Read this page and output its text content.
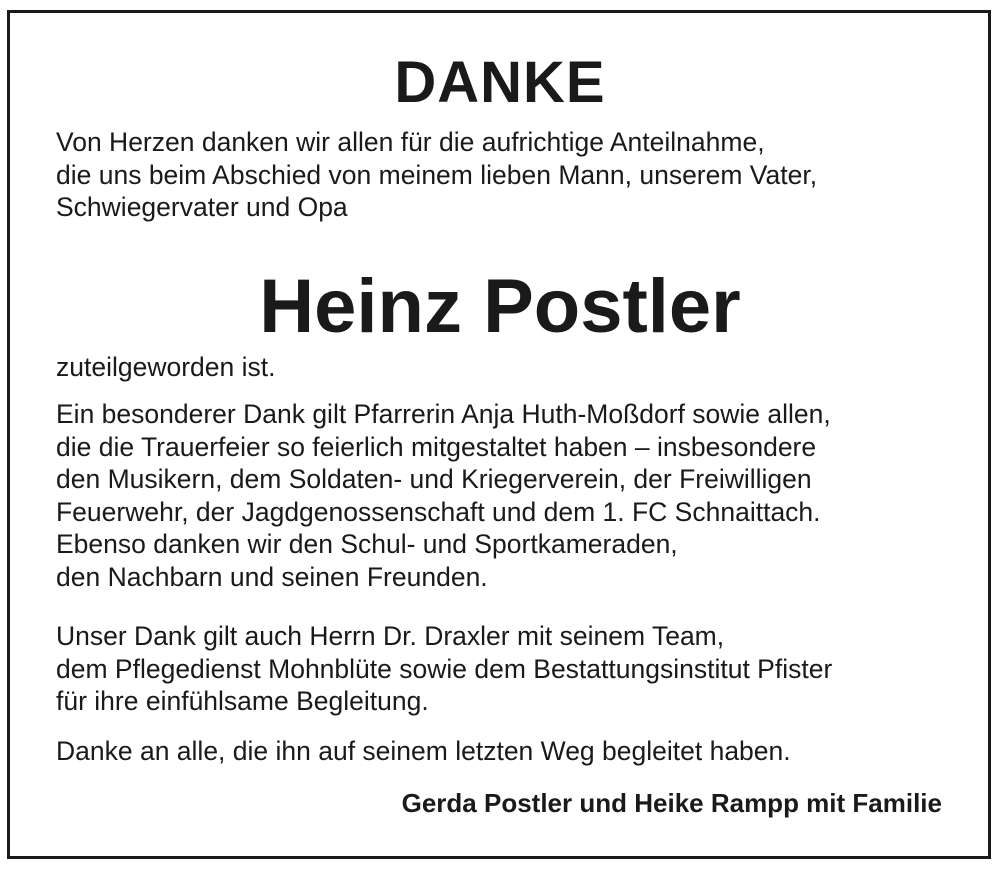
DANKE

Von Herzen danken wir allen für die aufrichtige Anteilnahme,
die uns beim Abschied von meinem lieben Mann, unserem Vater,
Schwiegervater und Opa

Heinz Postler

zuteilgeworden ist.

Ein besonderer Dank gilt Pfarrerin Anja Huth-Moßdorf sowie allen,
die die Trauerfeier so feierlich mitgestaltet haben – insbesondere
den Musikern, dem Soldaten- und Kriegerverein, der Freiwilligen
Feuerwehr, der Jagdgenossenschaft und dem 1. FC Schnaittach.
Ebenso danken wir den Schul- und Sportkameraden,
den Nachbarn und seinen Freunden.

Unser Dank gilt auch Herrn Dr. Draxler mit seinem Team,
dem Pflegedienst Mohnblüte sowie dem Bestattungsinstitut Pfister
für ihre einfühlsame Begleitung.

Danke an alle, die ihn auf seinem letzten Weg begleitet haben.

Gerda Postler und Heike Rampp mit Familie
